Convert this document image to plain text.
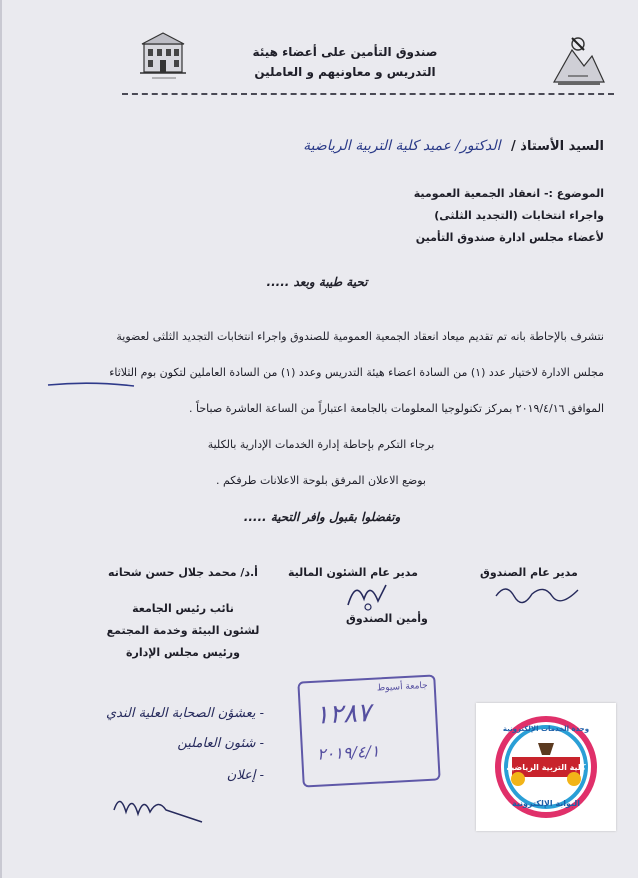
صندوق التأمين على أعضاء هيئة
التدريس و معاونيهم و العاملين
السيد الأستاذ / الدكتور/ عميد كلية التربية الرياضية
الموضوع :- انعقاد الجمعية العمومية
واجراء انتخابات (التجديد الثلثى)
لأعضاء مجلس ادارة صندوق التأمين
تحية طيبة وبعد .....
نتشرف بالإحاطة بانه تم تقديم ميعاد انعقاد الجمعية العمومية للصندوق واجراء انتخابات التجديد الثلثى لعضوية
مجلس الادارة لاختيار عدد (١) من السادة اعضاء هيئة التدريس وعدد (١) من السادة العاملين لتكون بوم الثلاثاء
الموافق ٢٠١٩/٤/١٦ بمركز تكنولوجيا المعلومات بالجامعة اعتباراً من الساعة العاشرة صباحاً .
برجاء التكرم بإحاطة إدارة الخدمات الإدارية بالكلية
بوضع الاعلان المرفق بلوحة الاعلانات طرفكم .
وتفضلوا بقبول وافر التحية .....
مدير عام الصندوق
مدير عام الشئون المالية
وأمين الصندوق
أ.د/ محمد جلال حسن شحاته
نائب رئيس الجامعة
لشئون البيئة وخدمة المجتمع
ورئيس مجلس الإدارة
- يعشؤن الصحابة العلية الندي
- شئون العاملين
- إعلان
جامعة أسيوط
١٢٨٧
٢٠١٩/٤/١
وحدة الخدمات الإلكترونية
كلية التربية الرياضية
البوابة الإلكترونية
